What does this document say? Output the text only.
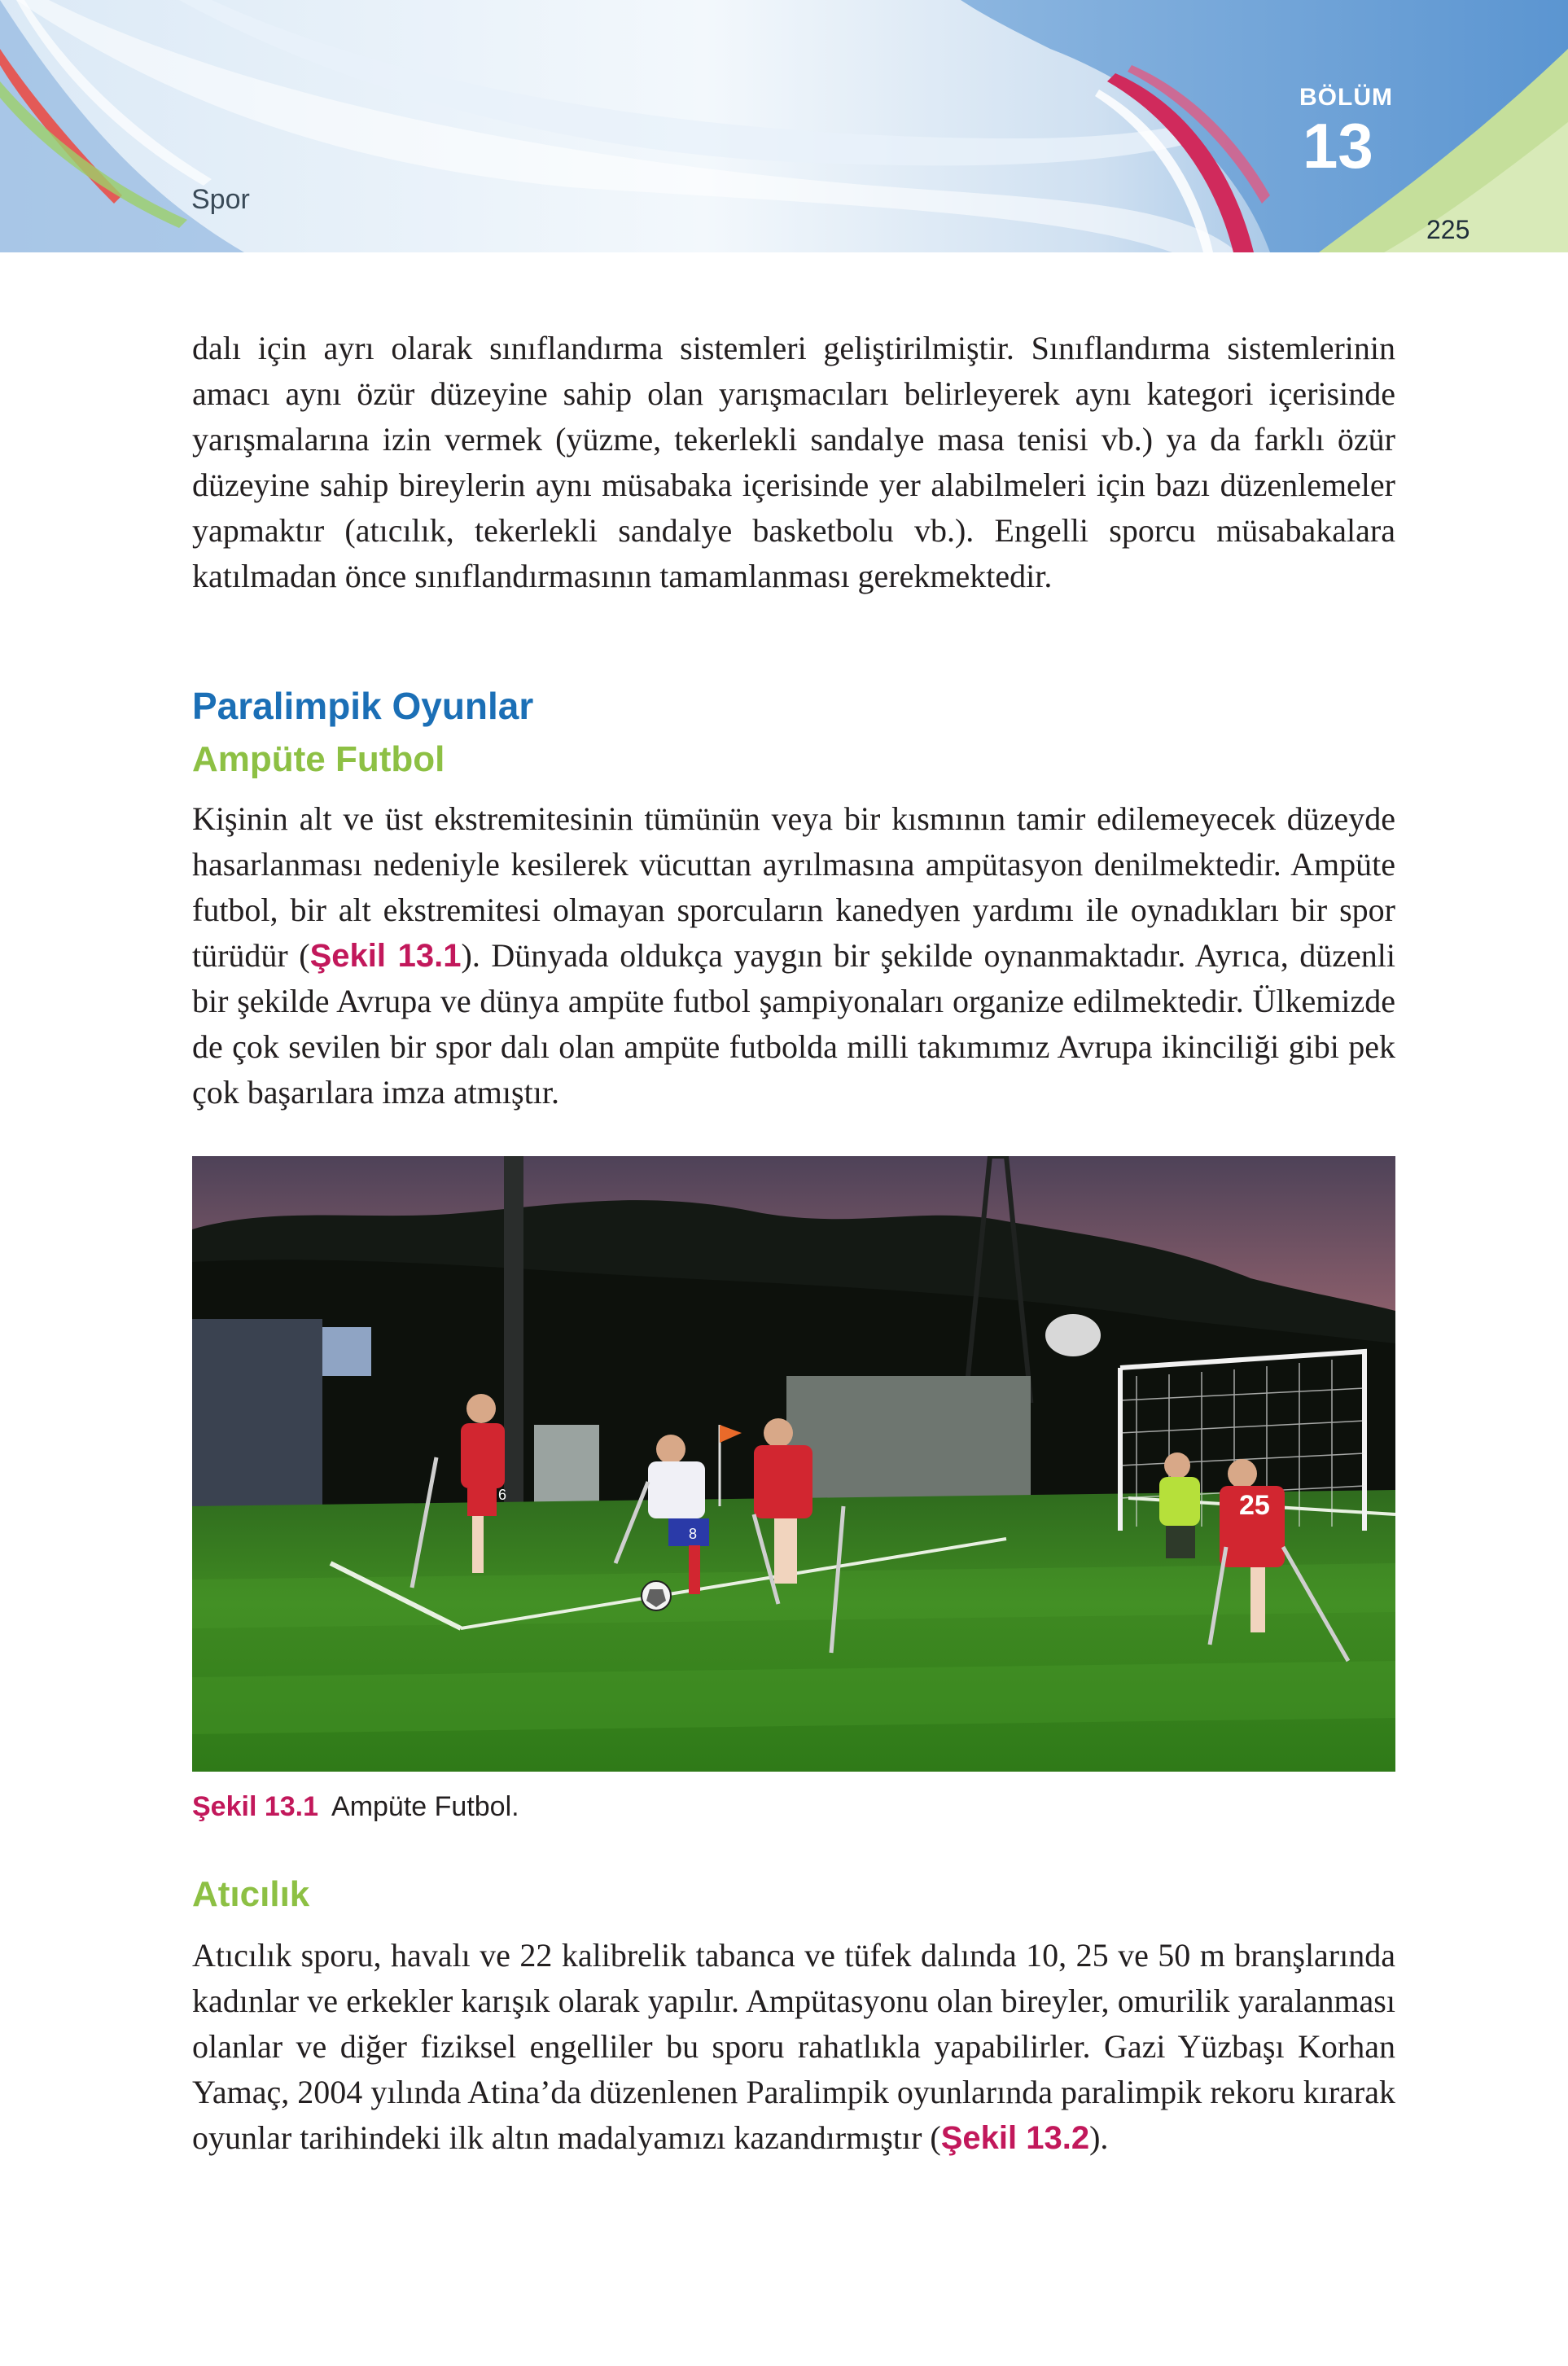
Spor
BÖLÜM
13
225

dalı için ayrı olarak sınıflandırma sistemleri geliştirilmiştir. Sınıflandırma sistemlerinin amacı aynı özür düzeyine sahip olan yarışmacıları belirleyerek aynı kategori içerisinde yarışmalarına izin vermek (yüzme, tekerlekli sandalye masa tenisi vb.) ya da farklı özür düzeyine sahip bireylerin aynı müsabaka içerisinde yer alabilmeleri için bazı düzenlemeler yapmaktır (atıcılık, tekerlekli sandalye basketbolu vb.). Engelli sporcu müsabakalara katılmadan önce sınıflandırmasının tamamlanması gerekmektedir.

Paralimpik Oyunlar
Ampüte Futbol

Kişinin alt ve üst ekstremitesinin tümünün veya bir kısmının tamir edilemeyecek düzeyde hasarlanması nedeniyle kesilerek vücuttan ayrılmasına ampütasyon denilmektedir. Ampüte futbol, bir alt ekstremitesi olmayan sporcuların kanedyen yardımı ile oynadıkları bir spor türüdür (Şekil 13.1). Dünyada oldukça yaygın bir şekilde oynanmaktadır. Ayrıca, düzenli bir şekilde Avrupa ve dünya ampüte futbol şampiyonaları organize edilmektedir. Ülkemizde de çok sevilen bir spor dalı olan ampüte futbolda milli takımımız Avrupa ikinciliği gibi pek çok başarılara imza atmıştır.

6
8
25
Şekil 13.1 Ampüte Futbol.
Atıcılık

Atıcılık sporu, havalı ve 22 kalibrelik tabanca ve tüfek dalında 10, 25 ve 50 m branşlarında kadınlar ve erkekler karışık olarak yapılır. Ampütasyonu olan bireyler, omurilik yaralanması olanlar ve diğer fiziksel engelliler bu sporu rahatlıkla yapabilirler. Gazi Yüzbaşı Korhan Yamaç, 2004 yılında Atina’da düzenlenen Paralimpik oyunlarında paralimpik rekoru kırarak oyunlar tarihindeki ilk altın madalyamızı kazandırmıştır (Şekil 13.2).
